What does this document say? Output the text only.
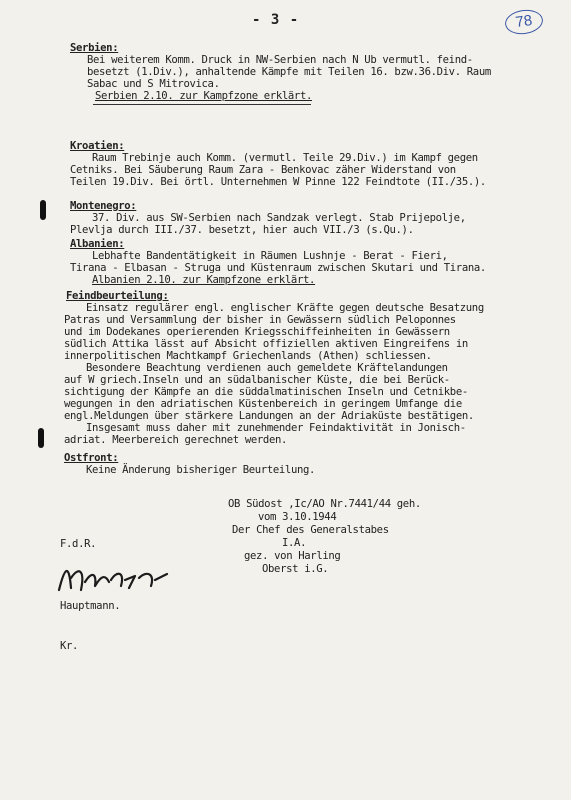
- 3 -	78
Serbien:
Bei weiterem Komm. Druck in NW-Serbien nach N Ub vermutl. feind-
besetzt (1.Div.), anhaltende Kämpfe mit Teilen 16. bzw.36.Div. Raum
Sabac und S Mitrovica.
Serbien 2.10. zur Kampfzone erklärt.
Kroatien:
Raum Trebinje auch Komm. (vermutl. Teile 29.Div.) im Kampf gegen
Cetniks. Bei Säuberung Raum Zara - Benkovac zäher Widerstand von
Teilen 19.Div. Bei örtl. Unternehmen W Pinne 122 Feindtote (II./35.).
Montenegro:
37. Div. aus SW-Serbien nach Sandzak verlegt. Stab Prijepolje,
Plevlja durch III./37. besetzt, hier auch VII./3 (s.Qu.).
Albanien:
Lebhafte Bandentätigkeit in Räumen Lushnje - Berat - Fieri,
Tirana - Elbasan - Struga und Küstenraum zwischen Skutari und Tirana.
Albanien 2.10. zur Kampfzone erklärt.
Feindbeurteilung:
Einsatz regulärer engl. englischer Kräfte gegen deutsche Besatzung
Patras und Versammlung der bisher in Gewässern südlich Peloponnes
und im Dodekanes operierenden Kriegsschiffeinheiten in Gewässern
südlich Attika lässt auf Absicht offiziellen aktiven Eingreifens in
innerpolitischen Machtkampf Griechenlands (Athen) schliessen.
Besondere Beachtung verdienen auch gemeldete Kräftelandungen
auf W griech.Inseln und an südalbanischer Küste, die bei Berück-
sichtigung der Kämpfe an die süddalmatinischen Inseln und Cetnikbe-
wegungen in den adriatischen Küstenbereich in geringem Umfange die
engl.Meldungen über stärkere Landungen an der Adriaküste bestätigen.
Insgesamt muss daher mit zunehmender Feindaktivität in Jonisch-
adriat. Meerbereich gerechnet werden.
Ostfront:
Keine Änderung bisheriger Beurteilung.
OB Südost ,Ic/AO Nr.7441/44 geh.
vom 3.10.1944
Der Chef des Generalstabes
I.A.
gez. von Harling
Oberst i.G.
F.d.R.
Hauptmann.
Kr.
